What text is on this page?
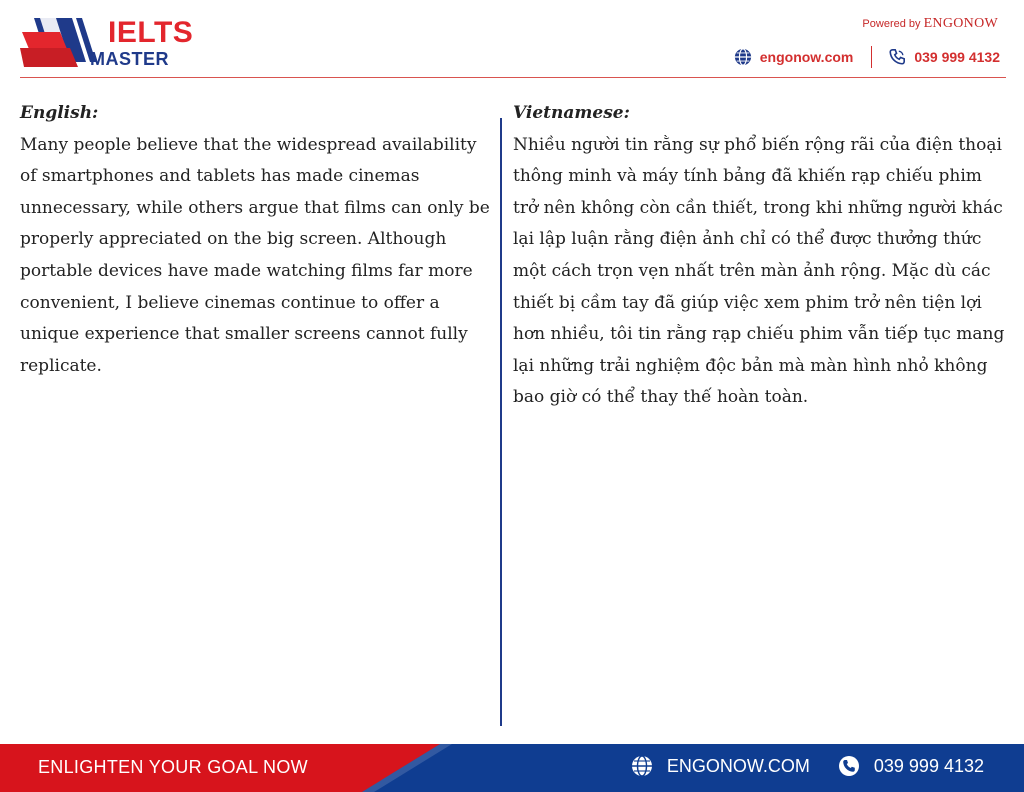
IELTS
MASTER
Powered by ENGONOW
engonow.com	039 999 4132
English:

Many people believe that the widespread availability of smartphones and tablets has made cinemas unnecessary, while others argue that films can only be properly appreciated on the big screen. Although portable devices have made watching films far more convenient, I believe cinemas continue to offer a unique experience that smaller screens cannot fully replicate.

Vietnamese:

Nhiều người tin rằng sự phổ biến rộng rãi của điện thoại thông minh và máy tính bảng đã khiến rạp chiếu phim trở nên không còn cần thiết, trong khi những người khác lại lập luận rằng điện ảnh chỉ có thể được thưởng thức một cách trọn vẹn nhất trên màn ảnh rộng. Mặc dù các thiết bị cầm tay đã giúp việc xem phim trở nên tiện lợi hơn nhiều, tôi tin rằng rạp chiếu phim vẫn tiếp tục mang lại những trải nghiệm độc bản mà màn hình nhỏ không bao giờ có thể thay thế hoàn toàn.

ENLIGHTEN YOUR GOAL NOW	ENGONOW.COM	039 999 4132
